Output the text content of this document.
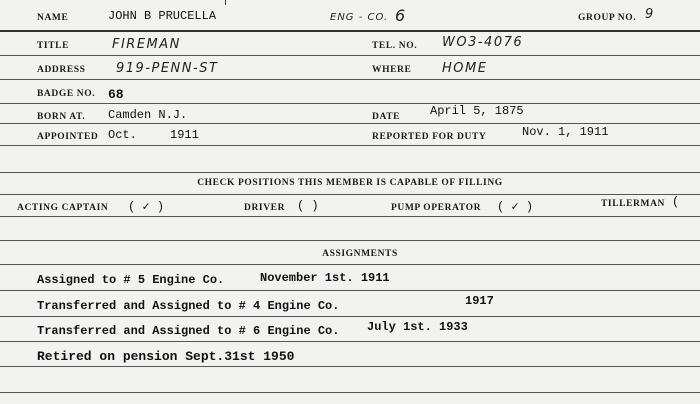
NAME	JOHN B PRUCELLA	ENG - CO. 6	GROUP NO. 9
TITLE	FIREMAN	TEL. NO. WO3-4076
ADDRESS 919-PENN-ST	WHERE HOME
BADGE NO. 68
BORN AT. Camden N.J.	DATE April 5, 1875
APPOINTED Oct.	1911	REPORTED FOR DUTY	Nov. 1, 1911
CHECK POSITIONS THIS MEMBER IS CAPABLE OF FILLING
ACTING CAPTAIN ( ✓ )	DRIVER ( )	PUMP OPERATOR ( ✓ )	TILLERMAN (
ASSIGNMENTS
Assigned to # 5 Engine Co.	November 1st. 1911
Transferred and Assigned to # 4 Engine Co.	1917
Transferred and Assigned to # 6 Engine Co. July 1st. 1933
Retired on pension Sept.31st 1950
